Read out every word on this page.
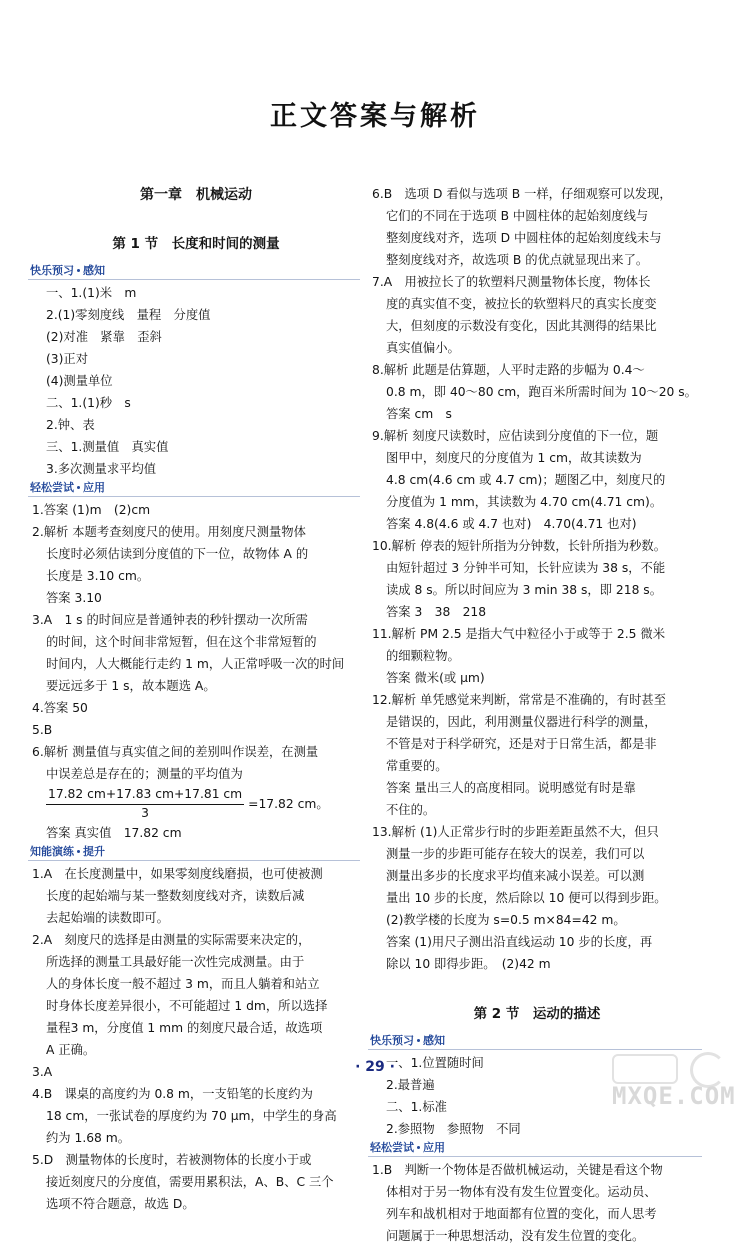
正文答案与解析
第一章　机械运动
第 1 节　长度和时间的测量
快乐预习 感知
一、1.(1)米　m
2.(1)零刻度线　量程　分度值
(2)对准　紧靠　歪斜
(3)正对
(4)测量单位
二、1.(1)秒　s
2.钟、表
三、1.测量值　真实值
3.多次测量求平均值
轻松尝试 应用
1.答案 (1)m　(2)cm
2.解析 本题考查刻度尺的使用。用刻度尺测量物体
长度时必须估读到分度值的下一位，故物体 A 的
长度是 3.10 cm。
答案 3.10
3.A　1 s 的时间应是普通钟表的秒针摆动一次所需
的时间，这个时间非常短暂，但在这个非常短暂的
时间内，人大概能行走约 1 m，人正常呼吸一次的时间
要远远多于 1 s，故本题选 A。
4.答案 50
5.B
6.解析 测量值与真实值之间的差别叫作误差，在测量
中误差总是存在的；测量的平均值为
$\frac{17.82 cm+17.83 cm+17.81 cm}{3} =17.82$ cm。
答案 真实值　17.82 cm
知能演练 提升
1.A　在长度测量中，如果零刻度线磨损，也可使被测
长度的起始端与某一整数刻度线对齐，读数后减
去起始端的读数即可。
2.A　刻度尺的选择是由测量的实际需要来决定的，
所选择的测量工具最好能一次性完成测量。由于
人的身体长度一般不超过 3 m，而且人躺着和站立
时身体长度差异很小，不可能超过 1 dm，所以选择
量程3 m，分度值 1 mm 的刻度尺最合适，故选项
A 正确。
3.A
4.B　课桌的高度约为 0.8 m，一支铅笔的长度约为
18 cm，一张试卷的厚度约为 70 μm，中学生的身高
约为 1.68 m。
5.D　测量物体的长度时，若被测物体的长度小于或
接近刻度尺的分度值，需要用累积法，A、B、C 三个
选项不符合题意，故选 D。
6.B　选项 D 看似与选项 B 一样，仔细观察可以发现，
它们的不同在于选项 B 中圆柱体的起始刻度线与
整刻度线对齐，选项 D 中圆柱体的起始刻度线未与
整刻度线对齐，故选项 B 的优点就显现出来了。
7.A　用被拉长了的软塑料尺测量物体长度，物体长
度的真实值不变，被拉长的软塑料尺的真实长度变
大，但刻度的示数没有变化，因此其测得的结果比
真实值偏小。
8.解析 此题是估算题，人平时走路的步幅为 0.4～
0.8 m，即 40～80 cm，跑百米所需时间为 10～20 s。
答案 cm　s
9.解析 刻度尺读数时，应估读到分度值的下一位，题
图甲中，刻度尺的分度值为 1 cm，故其读数为
4.8 cm(4.6 cm 或 4.7 cm)；题图乙中，刻度尺的
分度值为 1 mm，其读数为 4.70 cm(4.71 cm)。
答案 4.8(4.6 或 4.7 也对)　4.70(4.71 也对)
10.解析 停表的短针所指为分钟数，长针所指为秒数。
由短针超过 3 分钟半可知，长针应读为 38 s，不能
读成 8 s。所以时间应为 3 min 38 s，即 218 s。
答案 3　38　218
11.解析 PM 2.5 是指大气中粒径小于或等于 2.5 微米
的细颗粒物。
答案 微米(或 μm)
12.解析 单凭感觉来判断，常常是不准确的，有时甚至
是错误的，因此，利用测量仪器进行科学的测量，
不管是对于科学研究，还是对于日常生活，都是非
常重要的。
答案 量出三人的高度相同。说明感觉有时是靠
不住的。
13.解析 (1)人正常步行时的步距差距虽然不大，但只
测量一步的步距可能存在较大的误差，我们可以
测量出多步的长度求平均值来减小误差。可以测
量出 10 步的长度，然后除以 10 便可以得到步距。
(2)教学楼的长度为 s=0.5 m×84=42 m。
答案 (1)用尺子测出沿直线运动 10 步的长度，再
除以 10 即得步距。　(2)42 m
第 2 节　运动的描述
快乐预习 感知
一、1.位置随时间
2.最普遍
二、1.标准
2.参照物　参照物　不同
轻松尝试 应用
1.B　判断一个物体是否做机械运动，关键是看这个物
体相对于另一物体有没有发生位置变化。运动员、
列车和战机相对于地面都有位置的变化，而人思考
问题属于一种思想活动，没有发生位置的变化。
· 29 ·
MXQE.COM
